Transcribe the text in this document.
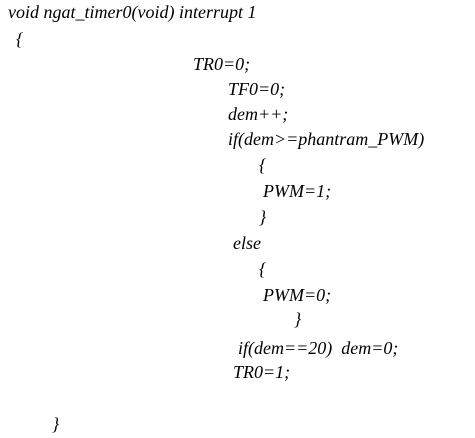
void ngat_timer0(void) interrupt 1
{
TR0=0;
TF0=0;
dem++;
if(dem>=phantram_PWM)
{
PWM=1;
}
else
{
PWM=0;
}
if(dem==20)  dem=0;
TR0=1;
}
